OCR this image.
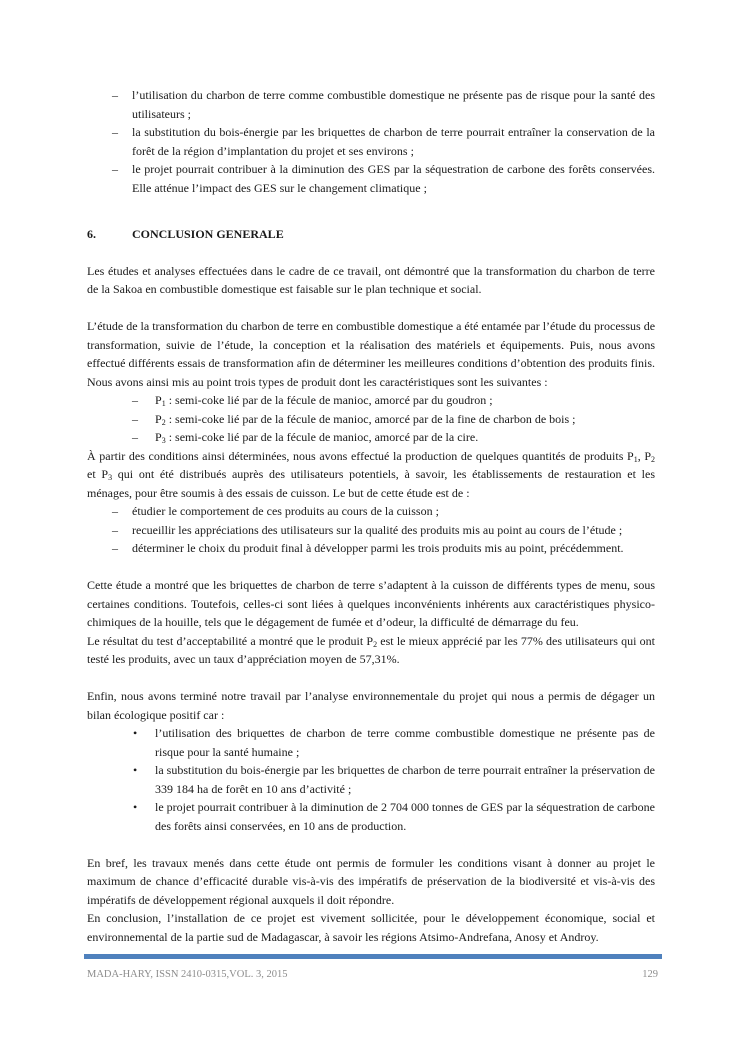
– l’utilisation du charbon de terre comme combustible domestique ne présente pas de risque pour la santé des utilisateurs ;
– la substitution du bois-énergie par les briquettes de charbon de terre pourrait entraîner la conservation de la forêt de la région d’implantation du projet et ses environs ;
– le projet pourrait contribuer à la diminution des GES par la séquestration de carbone des forêts conservées. Elle atténue l’impact des GES sur le changement climatique ;
6.	CONCLUSION GENERALE

Les études et analyses effectuées dans le cadre de ce travail, ont démontré que la transformation du charbon de terre de la Sakoa en combustible domestique est faisable sur le plan technique et social.

L’étude de la transformation du charbon de terre en combustible domestique a été entamée par l’étude du processus de transformation, suivie de l’étude, la conception et la réalisation des matériels et équipements. Puis, nous avons effectué différents essais de transformation afin de déterminer les meilleures conditions d’obtention des produits finis. Nous avons ainsi mis au point trois types de produit dont les caractéristiques sont les suivantes :

– $P_1$ : semi-coke lié par de la fécule de manioc, amorcé par du goudron ;
– $P_2$ : semi-coke lié par de la fécule de manioc, amorcé par de la fine de charbon de bois ;
– $P_3$ : semi-coke lié par de la fécule de manioc, amorcé par de la cire.

À partir des conditions ainsi déterminées, nous avons effectué la production de quelques quantités de produits $P_1$, $P_2$ et $P_3$ qui ont été distribués auprès des utilisateurs potentiels, à savoir, les établissements de restauration et les ménages, pour être soumis à des essais de cuisson. Le but de cette étude est de :

– étudier le comportement de ces produits au cours de la cuisson ;
– recueillir les appréciations des utilisateurs sur la qualité des produits mis au point au cours de l’étude ;
– déterminer le choix du produit final à développer parmi les trois produits mis au point, précédemment.

Cette étude a montré que les briquettes de charbon de terre s’adaptent à la cuisson de différents types de menu, sous certaines conditions. Toutefois, celles-ci sont liées à quelques inconvénients inhérents aux caractéristiques physico-chimiques de la houille, tels que le dégagement de fumée et d’odeur, la difficulté de démarrage du feu.

Le résultat du test d’acceptabilité a montré que le produit $P_2$ est le mieux apprécié par les 77% des utilisateurs qui ont testé les produits, avec un taux d’appréciation moyen de 57,31%.

Enfin, nous avons terminé notre travail par l’analyse environnementale du projet qui nous a permis de dégager un bilan écologique positif car :

• l’utilisation des briquettes de charbon de terre comme combustible domestique ne présente pas de risque pour la santé humaine ;
• la substitution du bois-énergie par les briquettes de charbon de terre pourrait entraîner la préservation de 339 184 ha de forêt en 10 ans d’activité ;
• le projet pourrait contribuer à la diminution de 2 704 000 tonnes de GES par la séquestration de carbone des forêts ainsi conservées, en 10 ans de production.

En bref, les travaux menés dans cette étude ont permis de formuler les conditions visant à donner au projet le maximum de chance d’efficacité durable vis-à-vis des impératifs de préservation de la biodiversité et vis-à-vis des impératifs de développement régional auxquels il doit répondre.

En conclusion, l’installation de ce projet est vivement sollicitée, pour le développement économique, social et environnemental de la partie sud de Madagascar, à savoir les régions Atsimo-Andrefana, Anosy et Androy.

MADA-HARY, ISSN 2410-0315,VOL. 3, 2015	129
